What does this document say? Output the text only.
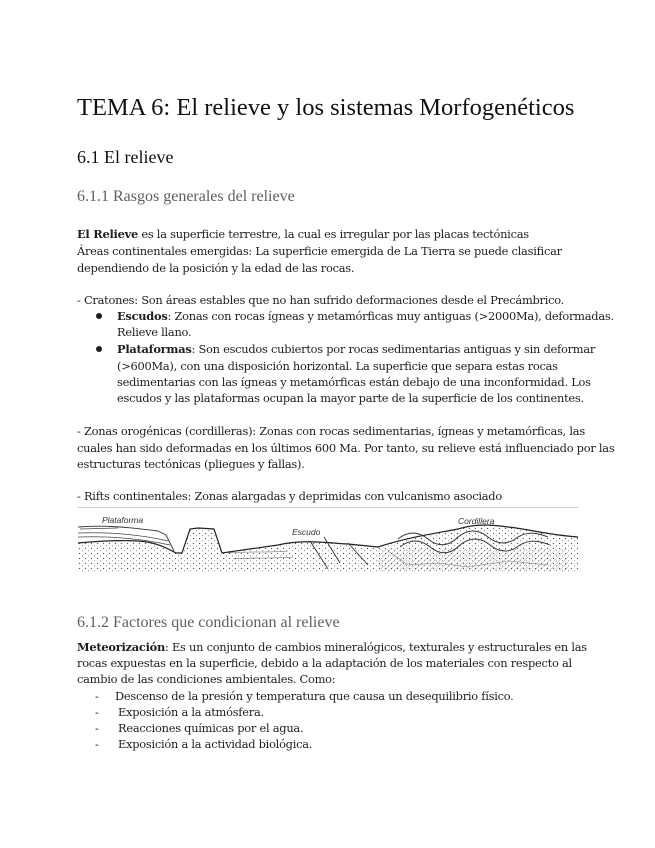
TEMA 6: El relieve y los sistemas Morfogenéticos
6.1 El relieve
6.1.1 Rasgos generales del relieve

El Relieve es la superficie terrestre, la cual es irregular por las placas tectónicas

Áreas continentales emergidas: La superficie emergida de La Tierra se puede clasificar

dependiendo de la posición y la edad de las rocas.

- Cratones: Son áreas estables que no han sufrido deformaciones desde el Precámbrico.

Escudos: Zonas con rocas ígneas y metamórficas muy antiguas (>2000Ma), deformadas.

Relieve llano.

Plataformas: Son escudos cubiertos por rocas sedimentarias antiguas y sin deformar

(>600Ma), con una disposición horizontal. La superficie que separa estas rocas

sedimentarias con las ígneas y metamórficas están debajo de una inconformidad. Los

escudos y las plataformas ocupan la mayor parte de la superficie de los continentes.

- Zonas orogénicas (cordilleras): Zonas con rocas sedimentarias, ígneas y metamórficas, las

cuales han sido deformadas en los últimos 600 Ma. Por tanto, su relieve está influenciado por las

estructuras tectónicas (pliegues y fallas).

- Rifts continentales: Zonas alargadas y deprimidas con vulcanismo asociado

Plataforma
Escudo
Cordillera
6.1.2 Factores que condicionan al relieve

Meteorización: Es un conjunto de cambios mineralógicos, texturales y estructurales en las

rocas expuestas en la superficie, debido a la adaptación de los materiales con respecto al

cambio de las condiciones ambientales. Como:

- Descenso de la presión y temperatura que causa un desequilibrio físico.

- Exposición a la atmósfera.

- Reacciones químicas por el agua.

- Exposición a la actividad biológica.
